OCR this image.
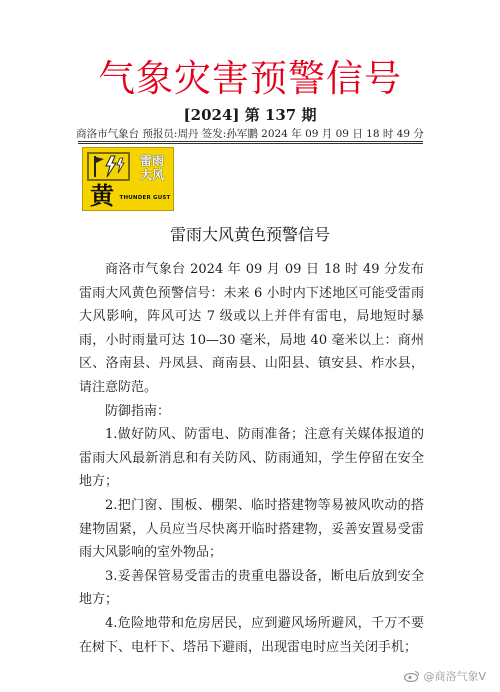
气象灾害预警信号
[2024] 第 137 期
商洛市气象台 预报员:周丹 签发:孙军鹏 2024 年 09 月 09 日 18 时 49 分
雷雨
大风
黄	THUNDER GUST
雷雨大风黄色预警信号

商洛市气象台 2024 年 09 月 09 日 18 时 49 分发布雷雨大风黄色预警信号：未来 6 小时内下述地区可能受雷雨大风影响，阵风可达 7 级或以上并伴有雷电，局地短时暴雨，小时雨量可达 10—30 毫米，局地 40 毫米以上：商州区、洛南县、丹凤县、商南县、山阳县、镇安县、柞水县，请注意防范。

防御指南：

1.做好防风、防雷电、防雨准备；注意有关媒体报道的雷雨大风最新消息和有关防风、防雨通知，学生停留在安全地方；

2.把门窗、围板、棚架、临时搭建物等易被风吹动的搭建物固紧，人员应当尽快离开临时搭建物，妥善安置易受雷雨大风影响的室外物品；

3.妥善保管易受雷击的贵重电器设备，断电后放到安全地方；

4.危险地带和危房居民，应到避风场所避风，千万不要在树下、电杆下、塔吊下避雨，出现雷电时应当关闭手机；

@商洛气象V
